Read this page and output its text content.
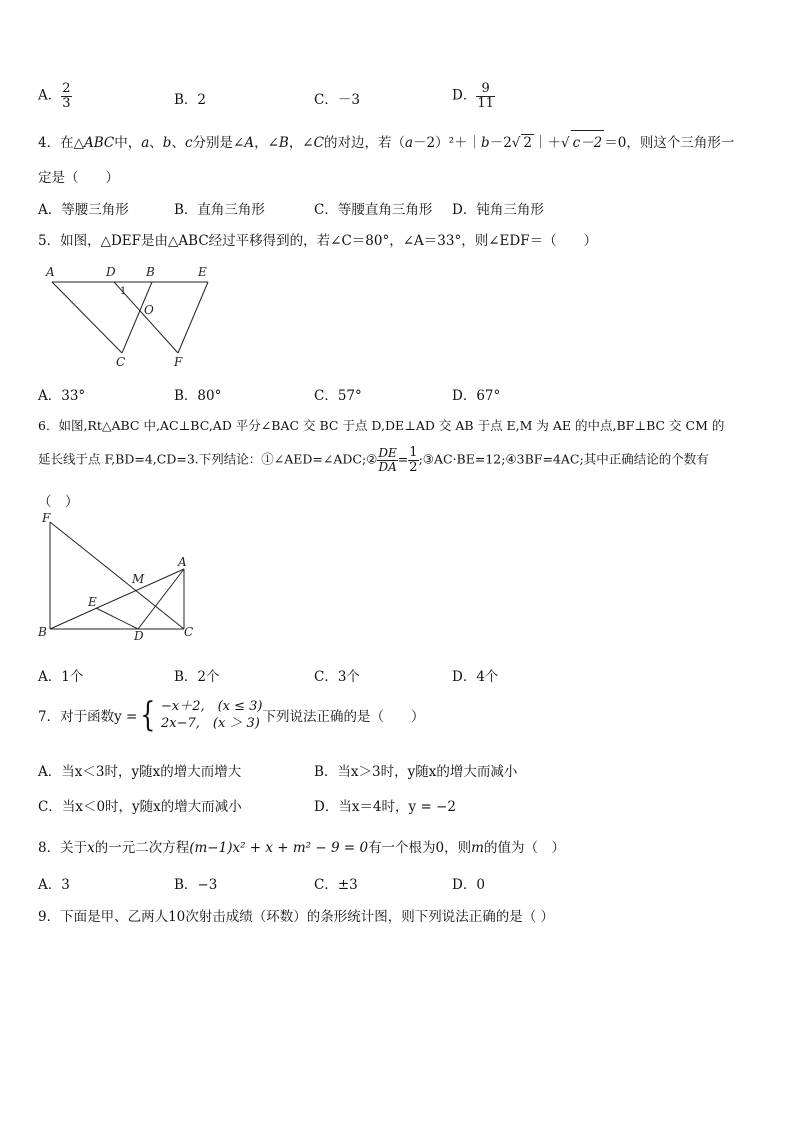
A． $\frac{2}{3}$	B．2	C．－3	D． $\frac{9}{11}$
4．在△ABC中，a、b、c分别是∠A，∠B，∠C的对边，若（a－2）²＋｜b－2√ 2 ｜＋√ c－2 ＝0，则这个三角形一
定是（　　）
A．等腰三角形	B．直角三角形	C．等腰直角三角形 D．钝角三角形
5．如图，△DEF是由△ABC经过平移得到的，若∠C＝80°，∠A＝33°，则∠EDF＝（　　）
A	D	B	E
1
O
C	F
A．33°	B．80°	C．57°	D．67°
6．如图,Rt△ABC 中,AC⊥BC,AD 平分∠BAC 交 BC 于点 D,DE⊥AD 交 AB 于点 E,M 为 AE 的中点,BF⊥BC 交 CM 的
延长线于点 F,BD=4,CD=3.下列结论：①∠AED=∠ADC;② $\frac{DE}{DA} = \frac{1}{2}$ ;③AC·BE=12;④3BF=4AC;其中正确结论的个数有
（　）
F
M
A
E
B	D	C
A．1个	B．2个	C．3个	D．4个
7．对于函数y ={ −x＋2,　(x ≤ 3)
2x−7,　(x ＞ 3) 下列说法正确的是（　　）
A．当x＜3时，y随x的增大而增大	B．当x＞3时，y随x的增大而减小
C．当x＜0时，y随x的增大而减小	D．当x＝4时，y = −2
8．关于x的一元二次方程(m−1)x² + x + m² − 9 = 0有一个根为0，则m的值为（　）
A．3	B．−3	C．±3	D．0
9．下面是甲、乙两人10次射击成绩（环数）的条形统计图，则下列说法正确的是（ ）
